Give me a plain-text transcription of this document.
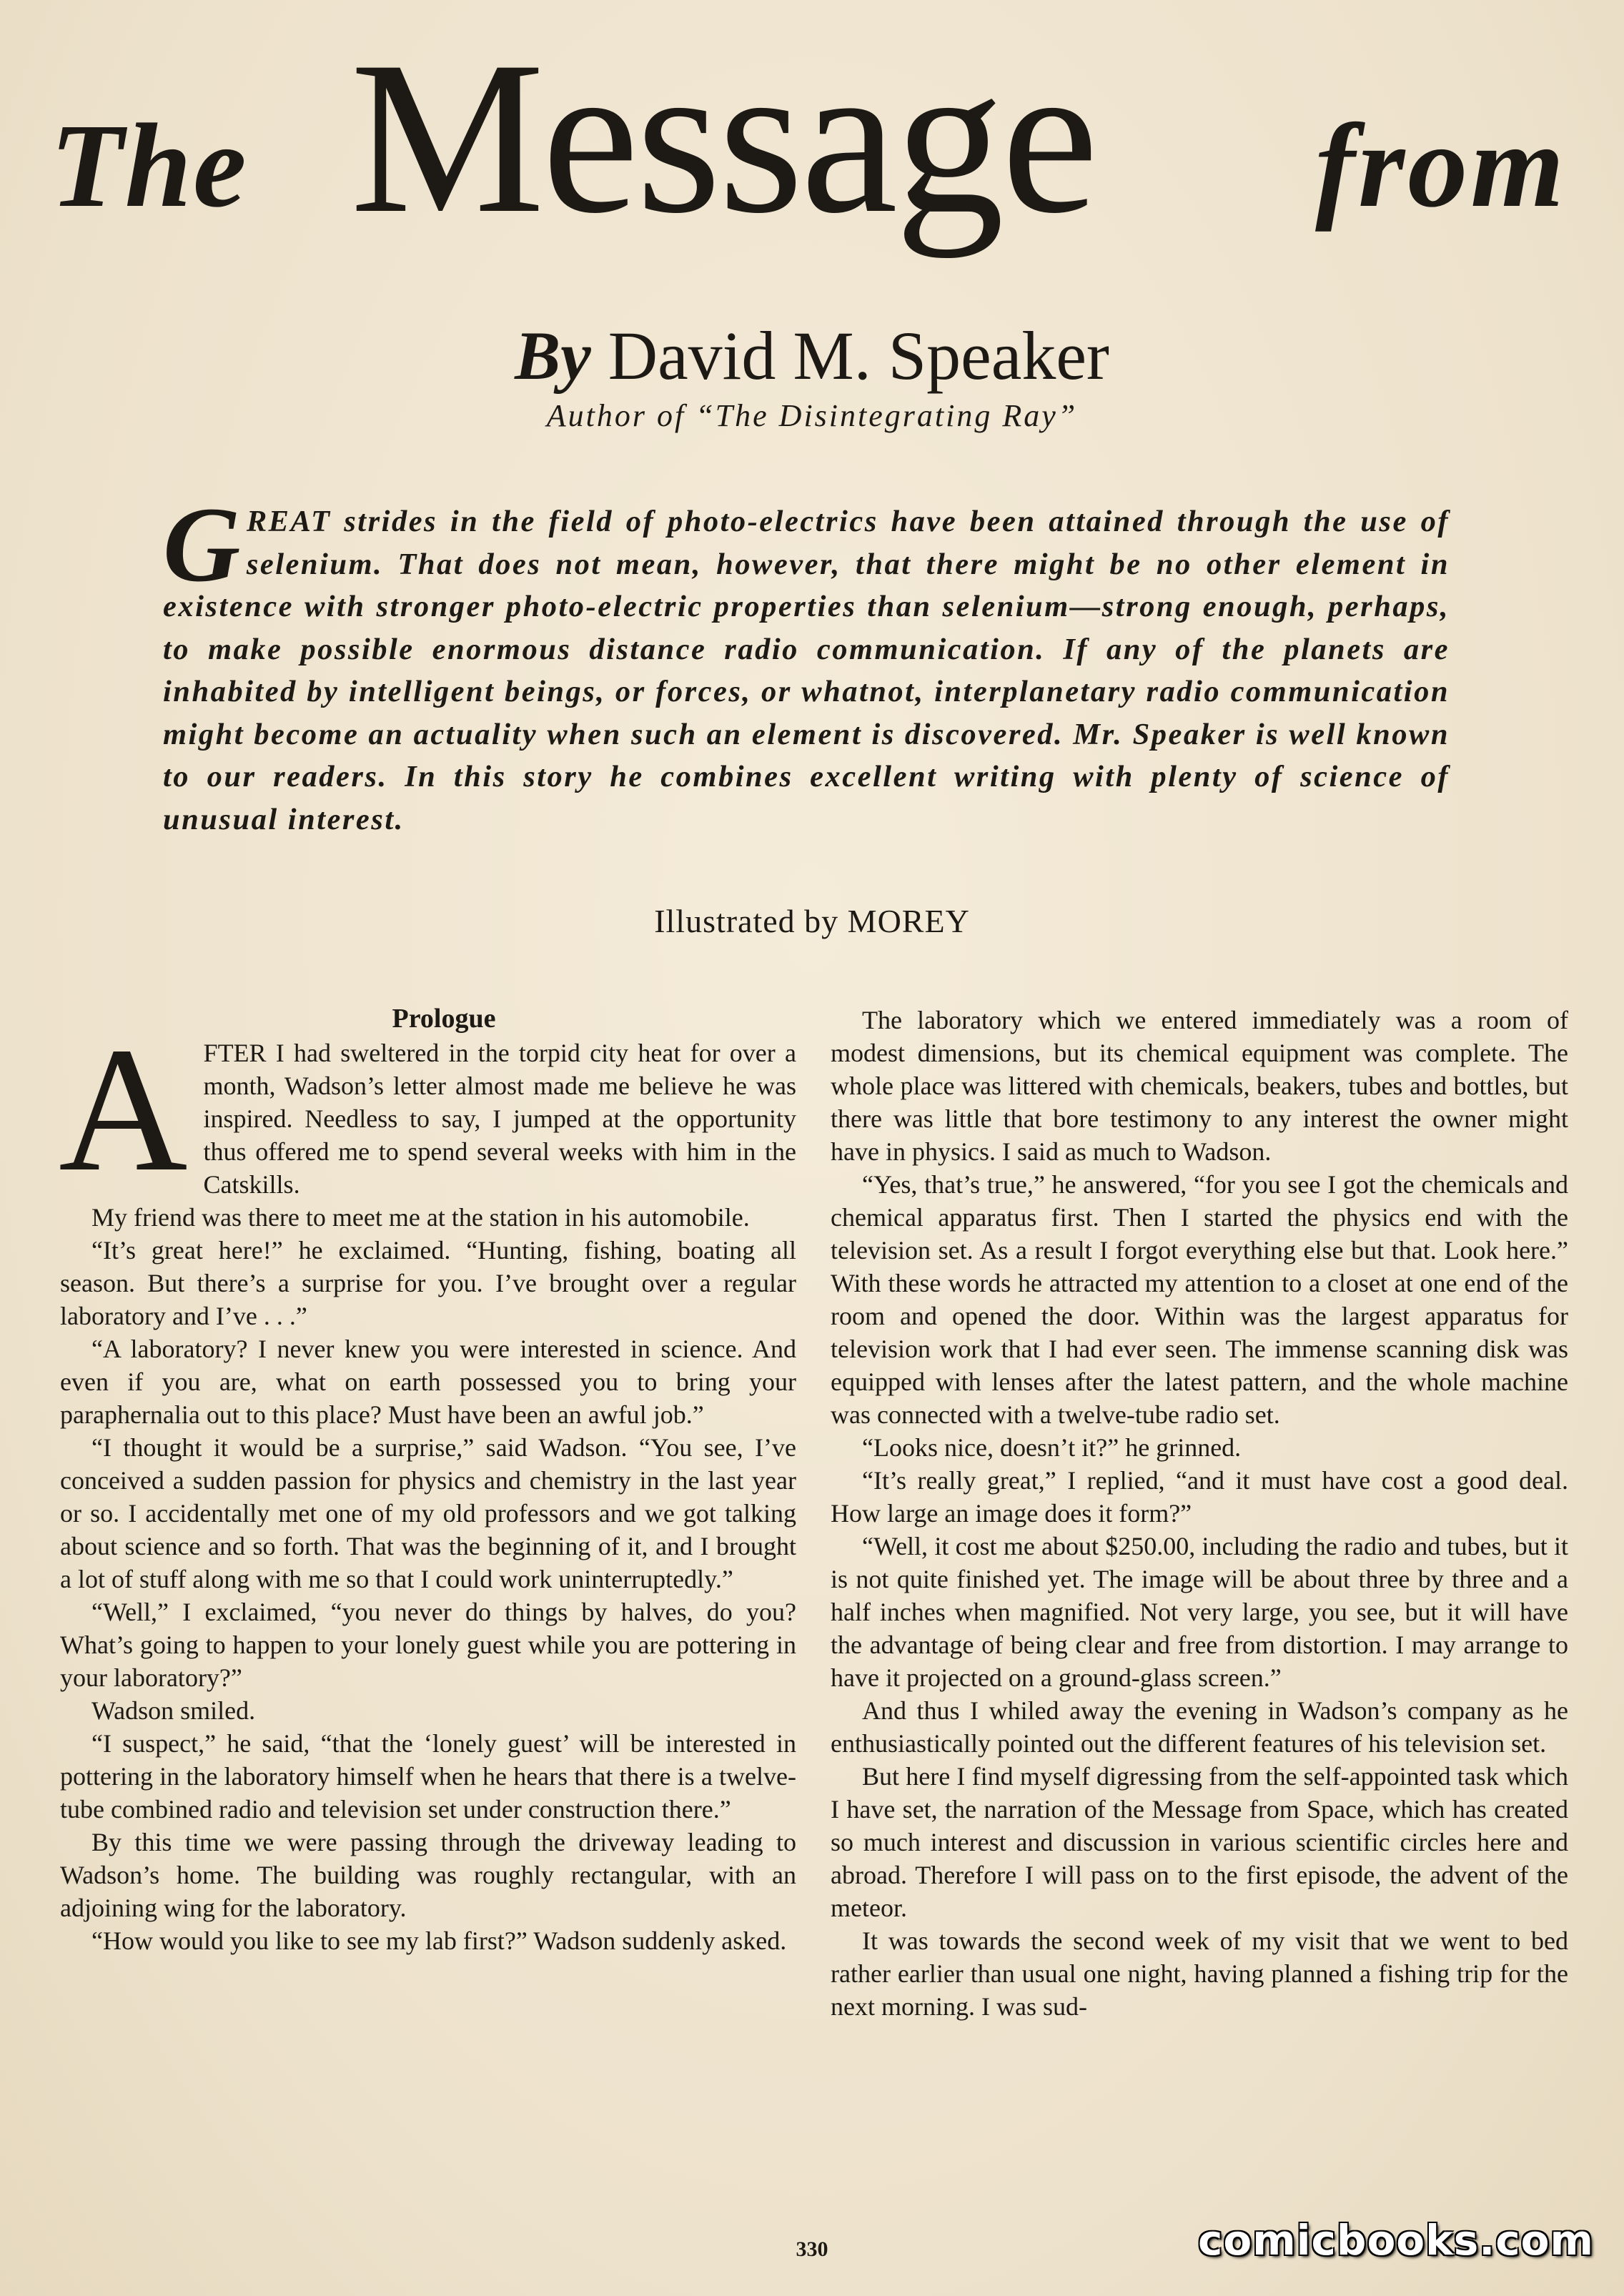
The Message from
By David M. Speaker
Author of “The Disintegrating Ray”
GREAT strides in the field of photo-electrics have been attained through the use of selenium. That does not mean, however, that there might be no other element in existence with stronger photo-electric properties than selenium—strong enough, perhaps, to make possible enormous distance radio communication. If any of the planets are inhabited by intelligent beings, or forces, or whatnot, interplanetary radio communication might become an actuality when such an element is discovered. Mr. Speaker is well known to our readers. In this story he combines excellent writing with plenty of science of unusual interest.
Illustrated by MOREY

Prologue

AFTER I had sweltered in the torpid city heat for over a month, Wadson’s letter almost made me believe he was inspired. Needless to say, I jumped at the opportunity thus offered me to spend several weeks with him in the Catskills.

My friend was there to meet me at the station in his automobile.

“It’s great here!” he exclaimed. “Hunting, fishing, boating all season. But there’s a surprise for you. I’ve brought over a regular laboratory and I’ve . . .”

“A laboratory? I never knew you were interested in science. And even if you are, what on earth possessed you to bring your paraphernalia out to this place? Must have been an awful job.”

“I thought it would be a surprise,” said Wadson. “You see, I’ve conceived a sudden passion for physics and chemistry in the last year or so. I accidentally met one of my old professors and we got talking about science and so forth. That was the beginning of it, and I brought a lot of stuff along with me so that I could work uninterruptedly.”

“Well,” I exclaimed, “you never do things by halves, do you? What’s going to happen to your lonely guest while you are pottering in your laboratory?”

Wadson smiled.

“I suspect,” he said, “that the ‘lonely guest’ will be interested in pottering in the laboratory himself when he hears that there is a twelve-tube combined radio and television set under construction there.”

By this time we were passing through the driveway leading to Wadson’s home. The building was roughly rectangular, with an adjoining wing for the laboratory.

“How would you like to see my lab first?” Wadson suddenly asked.

The laboratory which we entered immediately was a room of modest dimensions, but its chemical equipment was complete. The whole place was littered with chemicals, beakers, tubes and bottles, but there was little that bore testimony to any interest the owner might have in physics. I said as much to Wadson.

“Yes, that’s true,” he answered, “for you see I got the chemicals and chemical apparatus first. Then I started the physics end with the television set. As a result I forgot everything else but that. Look here.” With these words he attracted my attention to a closet at one end of the room and opened the door. Within was the largest apparatus for television work that I had ever seen. The immense scanning disk was equipped with lenses after the latest pattern, and the whole machine was connected with a twelve-tube radio set.

“Looks nice, doesn’t it?” he grinned.

“It’s really great,” I replied, “and it must have cost a good deal. How large an image does it form?”

“Well, it cost me about $250.00, including the radio and tubes, but it is not quite finished yet. The image will be about three by three and a half inches when magnified. Not very large, you see, but it will have the advantage of being clear and free from distortion. I may arrange to have it projected on a ground-glass screen.”

And thus I whiled away the evening in Wadson’s company as he enthusiastically pointed out the different features of his television set.

But here I find myself digressing from the self-appointed task which I have set, the narration of the Message from Space, which has created so much interest and discussion in various scientific circles here and abroad. Therefore I will pass on to the first episode, the advent of the meteor.

It was towards the second week of my visit that we went to bed rather earlier than usual one night, having planned a fishing trip for the next morning. I was sud-

330	comicbooks.com
